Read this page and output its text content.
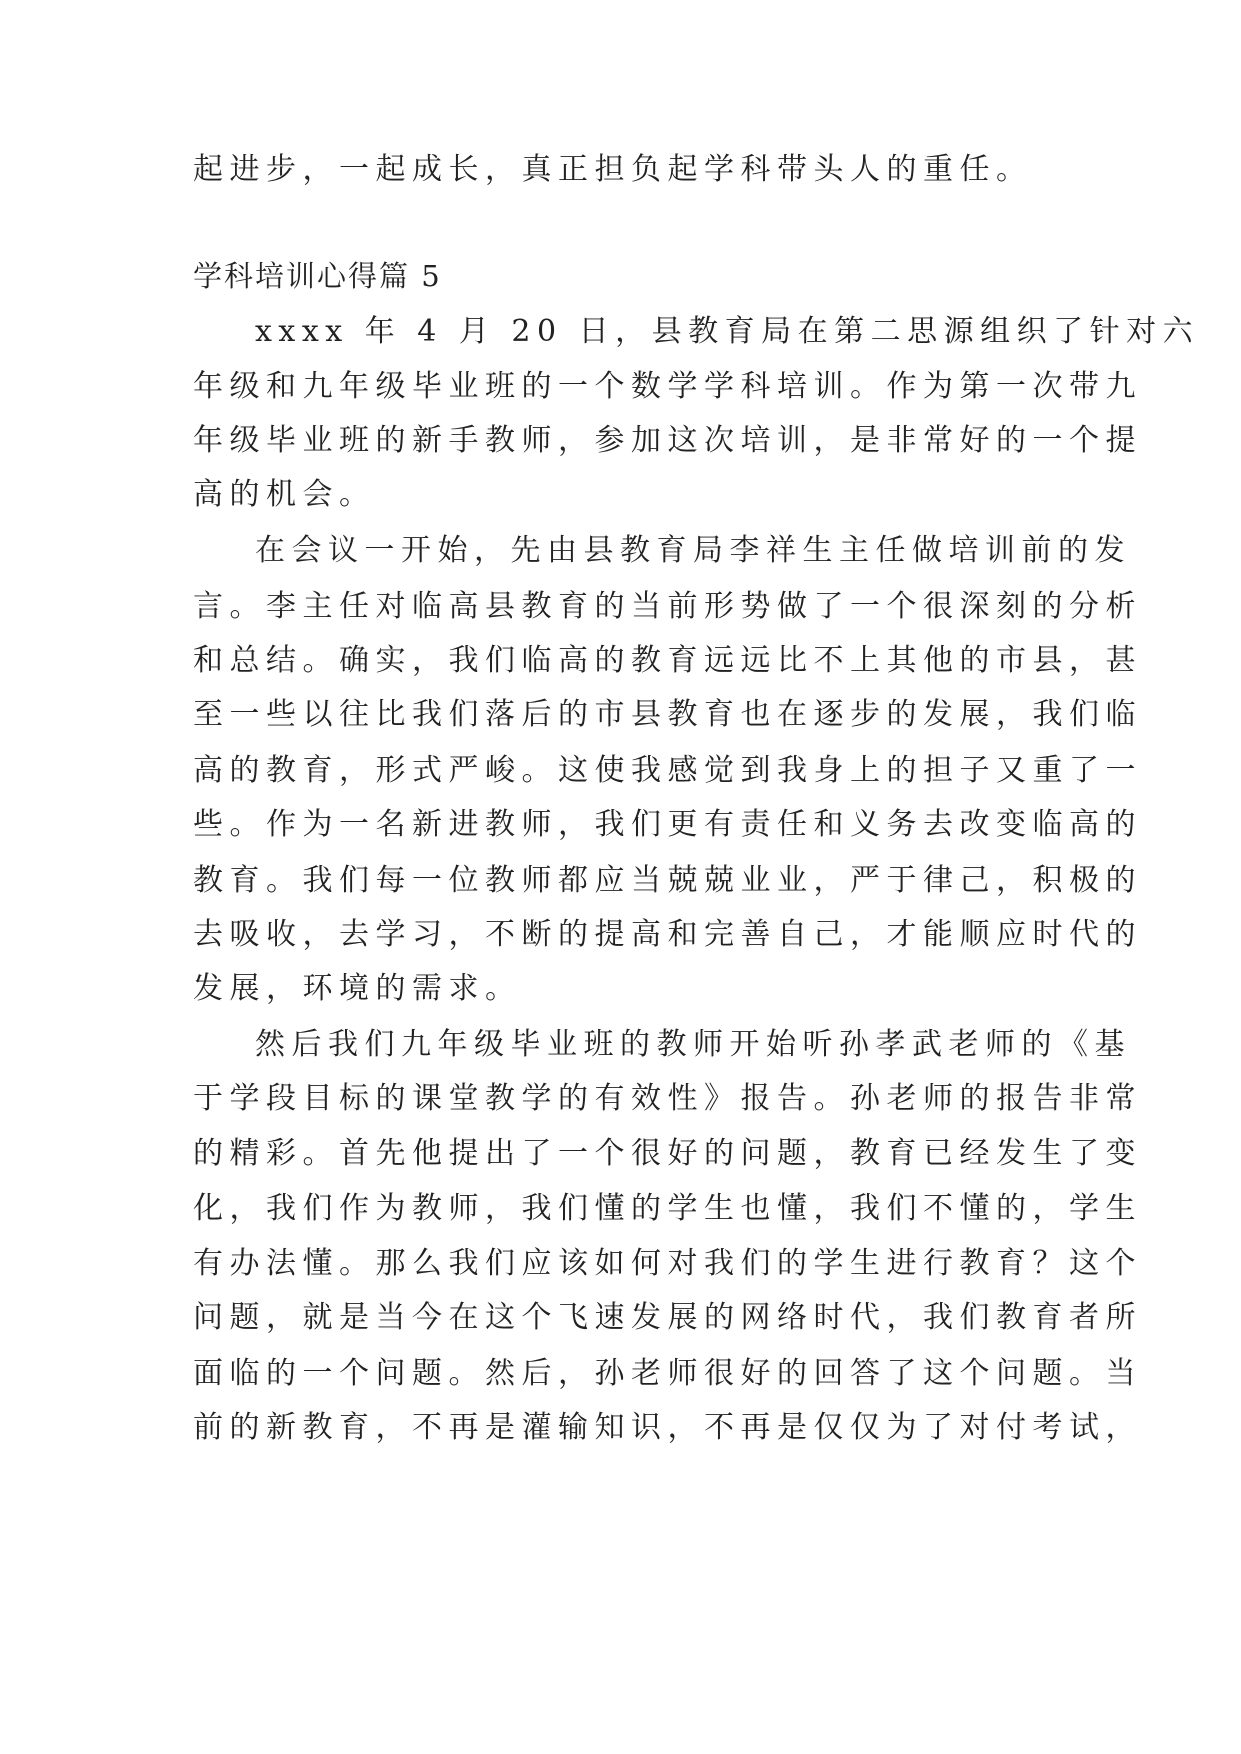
起进步，一起成长，真正担负起学科带头人的重任。
学科培训心得篇 5
xxxx 年 4 月 20 日，县教育局在第二思源组织了针对六
年级和九年级毕业班的一个数学学科培训。作为第一次带九
年级毕业班的新手教师，参加这次培训，是非常好的一个提
高的机会。
在会议一开始，先由县教育局李祥生主任做培训前的发
言。李主任对临高县教育的当前形势做了一个很深刻的分析
和总结。确实，我们临高的教育远远比不上其他的市县，甚
至一些以往比我们落后的市县教育也在逐步的发展，我们临
高的教育，形式严峻。这使我感觉到我身上的担子又重了一
些。作为一名新进教师，我们更有责任和义务去改变临高的
教育。我们每一位教师都应当兢兢业业，严于律己，积极的
去吸收，去学习，不断的提高和完善自己，才能顺应时代的
发展，环境的需求。
然后我们九年级毕业班的教师开始听孙孝武老师的《基
于学段目标的课堂教学的有效性》报告。孙老师的报告非常
的精彩。首先他提出了一个很好的问题，教育已经发生了变
化，我们作为教师，我们懂的学生也懂，我们不懂的，学生
有办法懂。那么我们应该如何对我们的学生进行教育？这个
问题，就是当今在这个飞速发展的网络时代，我们教育者所
面临的一个问题。然后，孙老师很好的回答了这个问题。当
前的新教育，不再是灌输知识，不再是仅仅为了对付考试，
